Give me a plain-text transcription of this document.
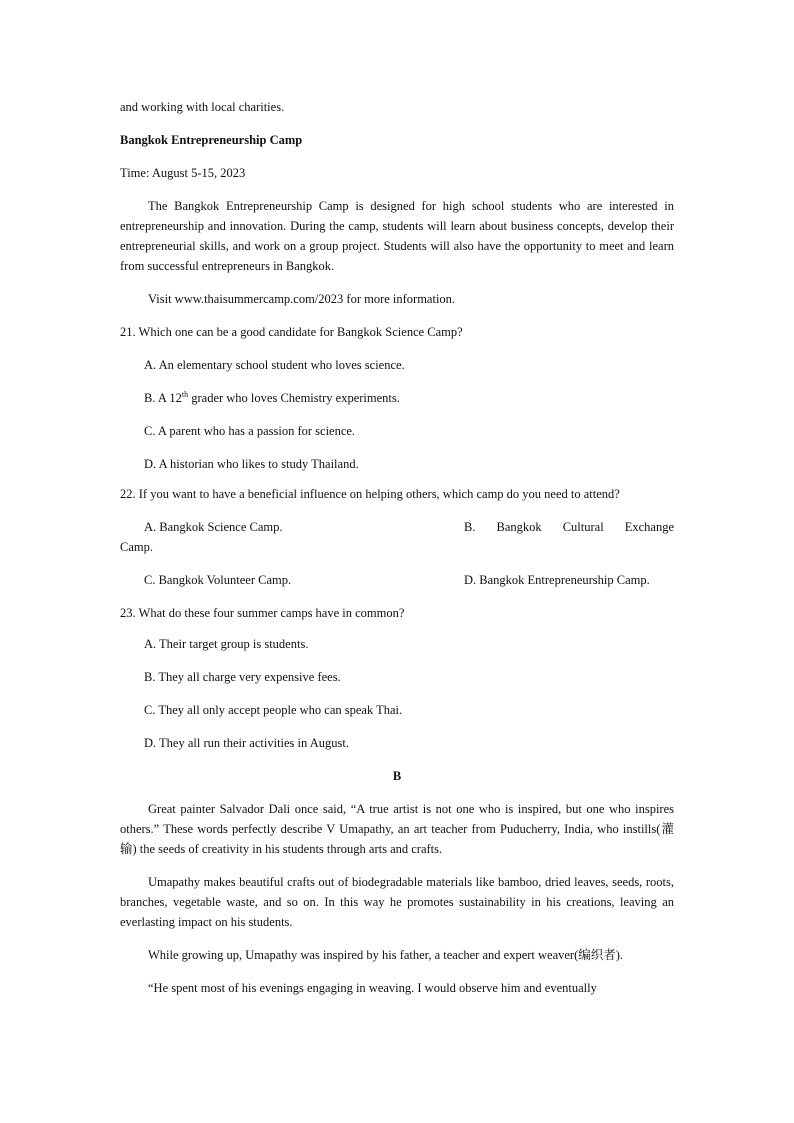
and working with local charities.

Bangkok Entrepreneurship Camp

Time: August 5-15, 2023

The Bangkok Entrepreneurship Camp is designed for high school students who are interested in entrepreneurship and innovation. During the camp, students will learn about business concepts, develop their entrepreneurial skills, and work on a group project. Students will also have the opportunity to meet and learn from successful entrepreneurs in Bangkok.

Visit www.thaisummercamp.com/2023 for more information.

21. Which one can be a good candidate for Bangkok Science Camp?

A. An elementary school student who loves science.

B. A 12th grader who loves Chemistry experiments.

C. A parent who has a passion for science.

D. A historian who likes to study Thailand.

22. If you want to have a beneficial influence on helping others, which camp do you need to attend?

A. Bangkok Science Camp.	B. Bangkok Cultural Exchange

Camp.

C. Bangkok Volunteer Camp.	D. Bangkok Entrepreneurship Camp.

23. What do these four summer camps have in common?

A. Their target group is students.

B. They all charge very expensive fees.

C. They all only accept people who can speak Thai.

D. They all run their activities in August.

B

Great painter Salvador Dali once said, “A true artist is not one who is inspired, but one who inspires others.” These words perfectly describe V Umapathy, an art teacher from Puducherry, India, who instills(灌输) the seeds of creativity in his students through arts and crafts.

Umapathy makes beautiful crafts out of biodegradable materials like bamboo, dried leaves, seeds, roots, branches, vegetable waste, and so on. In this way he promotes sustainability in his creations, leaving an everlasting impact on his students.

While growing up, Umapathy was inspired by his father, a teacher and expert weaver(编织者).

“He spent most of his evenings engaging in weaving. I would observe him and eventually
